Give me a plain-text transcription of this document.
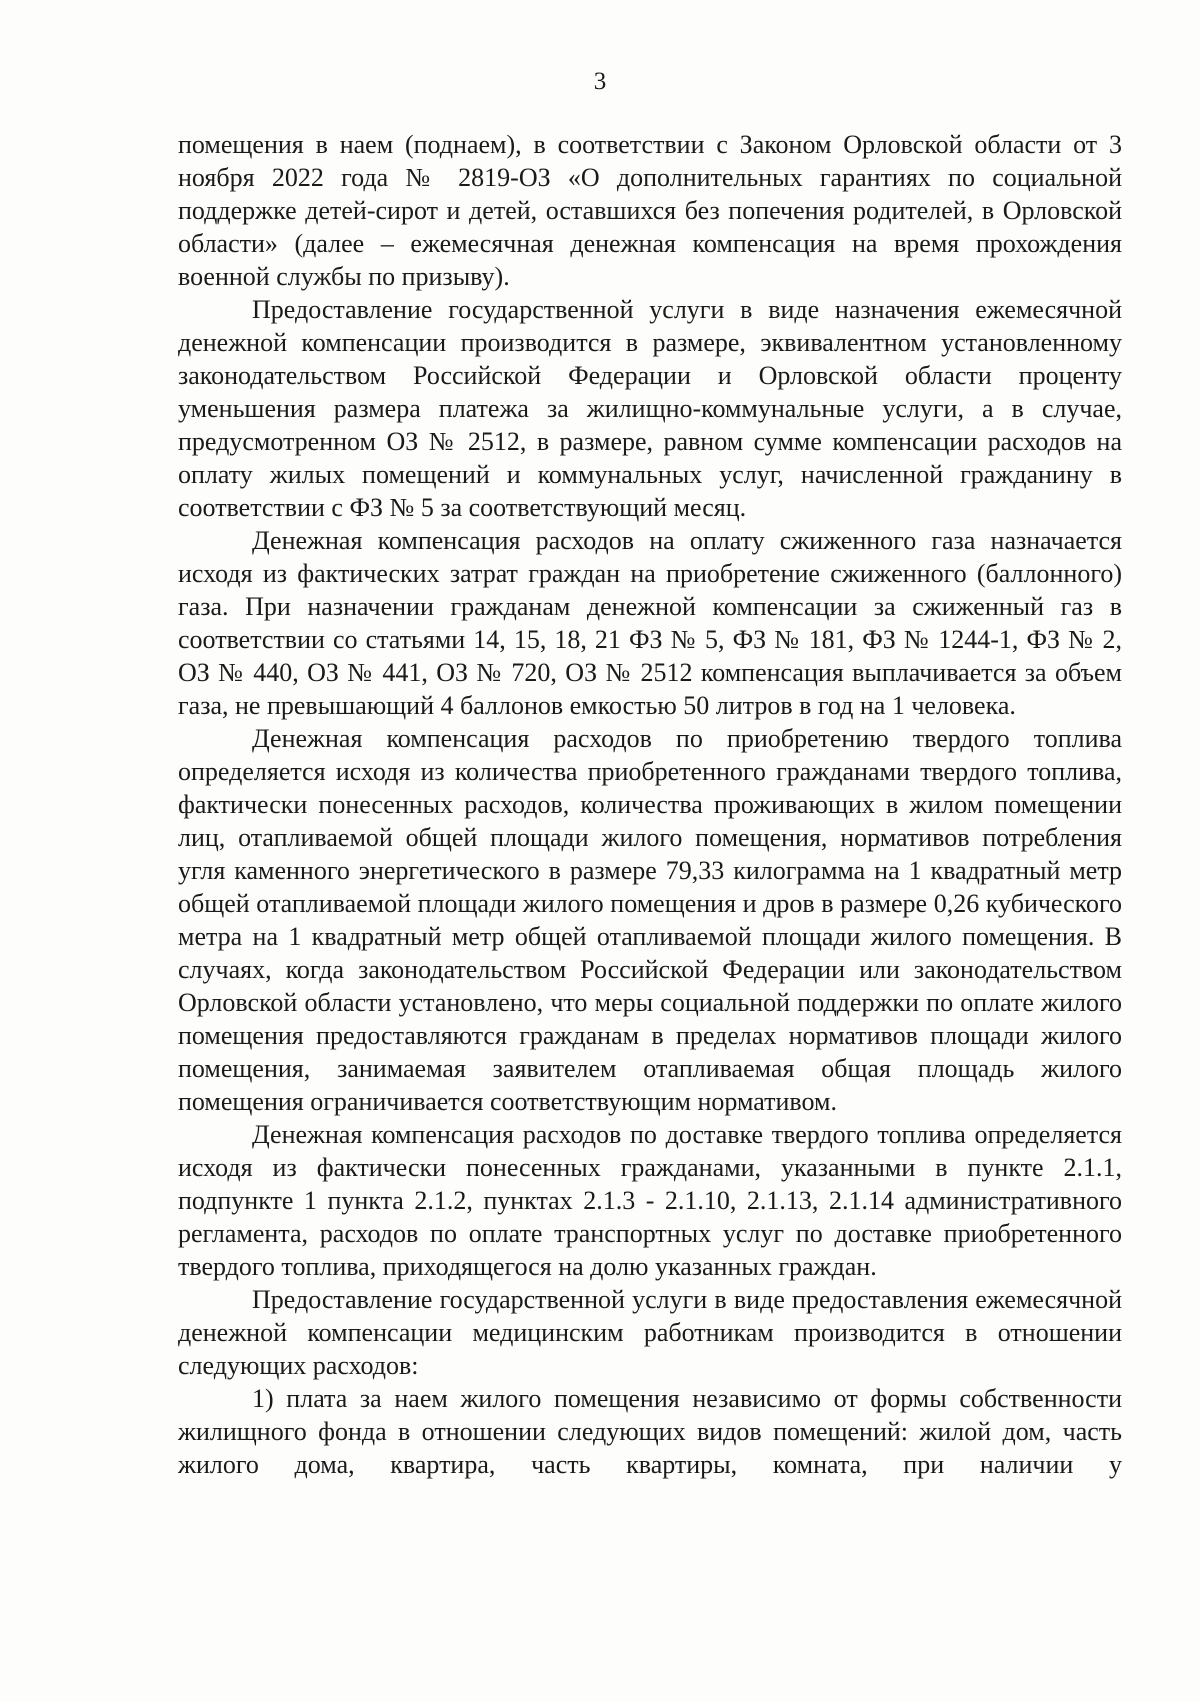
3

помещения в наем (поднаем), в соответствии с Законом Орловской области от 3 ноября 2022 года № 2819-ОЗ «О дополнительных гарантиях по социальной поддержке детей-сирот и детей, оставшихся без попечения родителей, в Орловской области» (далее – ежемесячная денежная компенсация на время прохождения военной службы по призыву).

Предоставление государственной услуги в виде назначения ежемесячной денежной компенсации производится в размере, эквивалентном установленному законодательством Российской Федерации и Орловской области проценту уменьшения размера платежа за жилищно-коммунальные услуги, а в случае, предусмотренном ОЗ № 2512, в размере, равном сумме компенсации расходов на оплату жилых помещений и коммунальных услуг, начисленной гражданину в соответствии с ФЗ № 5 за соответствующий месяц.

Денежная компенсация расходов на оплату сжиженного газа назначается исходя из фактических затрат граждан на приобретение сжиженного (баллонного) газа. При назначении гражданам денежной компенсации за сжиженный газ в соответствии со статьями 14, 15, 18, 21 ФЗ № 5, ФЗ № 181, ФЗ № 1244-1, ФЗ № 2, ОЗ № 440, ОЗ № 441, ОЗ № 720, ОЗ № 2512 компенсация выплачивается за объем газа, не превышающий 4 баллонов емкостью 50 литров в год на 1 человека.

Денежная компенсация расходов по приобретению твердого топлива определяется исходя из количества приобретенного гражданами твердого топлива, фактически понесенных расходов, количества проживающих в жилом помещении лиц, отапливаемой общей площади жилого помещения, нормативов потребления угля каменного энергетического в размере 79,33 килограмма на 1 квадратный метр общей отапливаемой площади жилого помещения и дров в размере 0,26 кубического метра на 1 квадратный метр общей отапливаемой площади жилого помещения. В случаях, когда законодательством Российской Федерации или законодательством Орловской области установлено, что меры социальной поддержки по оплате жилого помещения предоставляются гражданам в пределах нормативов площади жилого помещения, занимаемая заявителем отапливаемая общая площадь жилого помещения ограничивается соответствующим нормативом.

Денежная компенсация расходов по доставке твердого топлива определяется исходя из фактически понесенных гражданами, указанными в пункте 2.1.1, подпункте 1 пункта 2.1.2, пунктах 2.1.3 - 2.1.10, 2.1.13, 2.1.14 административного регламента, расходов по оплате транспортных услуг по доставке приобретенного твердого топлива, приходящегося на долю указанных граждан.

Предоставление государственной услуги в виде предоставления ежемесячной денежной компенсации медицинским работникам производится в отношении следующих расходов:

1) плата за наем жилого помещения независимо от формы собственности жилищного фонда в отношении следующих видов помещений: жилой дом, часть жилого дома, квартира, часть квартиры, комната, при наличии у
